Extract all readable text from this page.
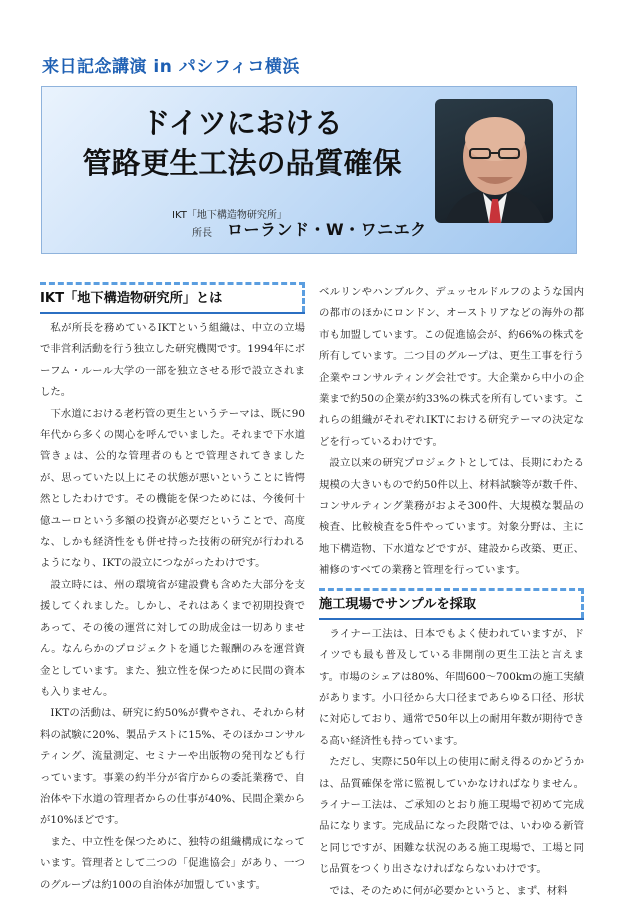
来日記念講演 in パシフィコ横浜
ドイツにおける
管路更生工法の品質確保
IKT「地下構造物研究所」
所長 ローランド・W・ワニエク
IKT「地下構造物研究所」とは

私が所長を務めているIKTという組織は、中立の立場で非営利活動を行う独立した研究機関です。1994年にボーフム・ルール大学の一部を独立させる形で設立されました。

下水道における老朽管の更生というテーマは、既に90年代から多くの関心を呼んでいました。それまで下水道管きょは、公的な管理者のもとで管理されてきましたが、思っていた以上にその状態が悪いということに皆愕然としたわけです。その機能を保つためには、今後何十億ユーロという多額の投資が必要だということで、高度な、しかも経済性をも併せ持った技術の研究が行われるようになり、IKTの設立につながったわけです。

設立時には、州の環境省が建設費も含めた大部分を支援してくれました。しかし、それはあくまで初期投資であって、その後の運営に対しての助成金は一切ありません。なんらかのプロジェクトを通じた報酬のみを運営資金としています。また、独立性を保つために民間の資本も入りません。

IKTの活動は、研究に約50%が費やされ、それから材料の試験に20%、製品テストに15%、そのほかコンサルティング、流量測定、セミナーや出版物の発刊なども行っています。事業の約半分が省庁からの委託業務で、自治体や下水道の管理者からの仕事が40%、民間企業からが10%ほどです。

また、中立性を保つために、独特の組織構成になっています。管理者として二つの「促進協会」があり、一つのグループは約100の自治体が加盟しています。

ベルリンやハンブルク、デュッセルドルフのような国内の都市のほかにロンドン、オーストリアなどの海外の都市も加盟しています。この促進協会が、約66%の株式を所有しています。二つ目のグループは、更生工事を行う企業やコンサルティング会社です。大企業から中小の企業まで約50の企業が約33%の株式を所有しています。これらの組織がそれぞれIKTにおける研究テーマの決定などを行っているわけです。

設立以来の研究プロジェクトとしては、長期にわたる規模の大きいもので約50件以上、材料試験等が数千件、コンサルティング業務がおよそ300件、大規模な製品の検査、比較検査を5件やっています。対象分野は、主に地下構造物、下水道などですが、建設から改築、更正、補修のすべての業務と管理を行っています。

施工現場でサンプルを採取

ライナー工法は、日本でもよく使われていますが、ドイツでも最も普及している非開削の更生工法と言えます。市場のシェアは80%、年間600～700kmの施工実績があります。小口径から大口径まであらゆる口径、形状に対応しており、通常で50年以上の耐用年数が期待できる高い経済性も持っています。

ただし、実際に50年以上の使用に耐え得るのかどうかは、品質確保を常に監視していかなければなりません。ライナー工法は、ご承知のとおり施工現場で初めて完成品になります。完成品になった段階では、いわゆる新管と同じですが、困難な状況のある施工現場で、工場と同じ品質をつくり出さなければならないわけです。

では、そのために何が必要かというと、まず、材料
